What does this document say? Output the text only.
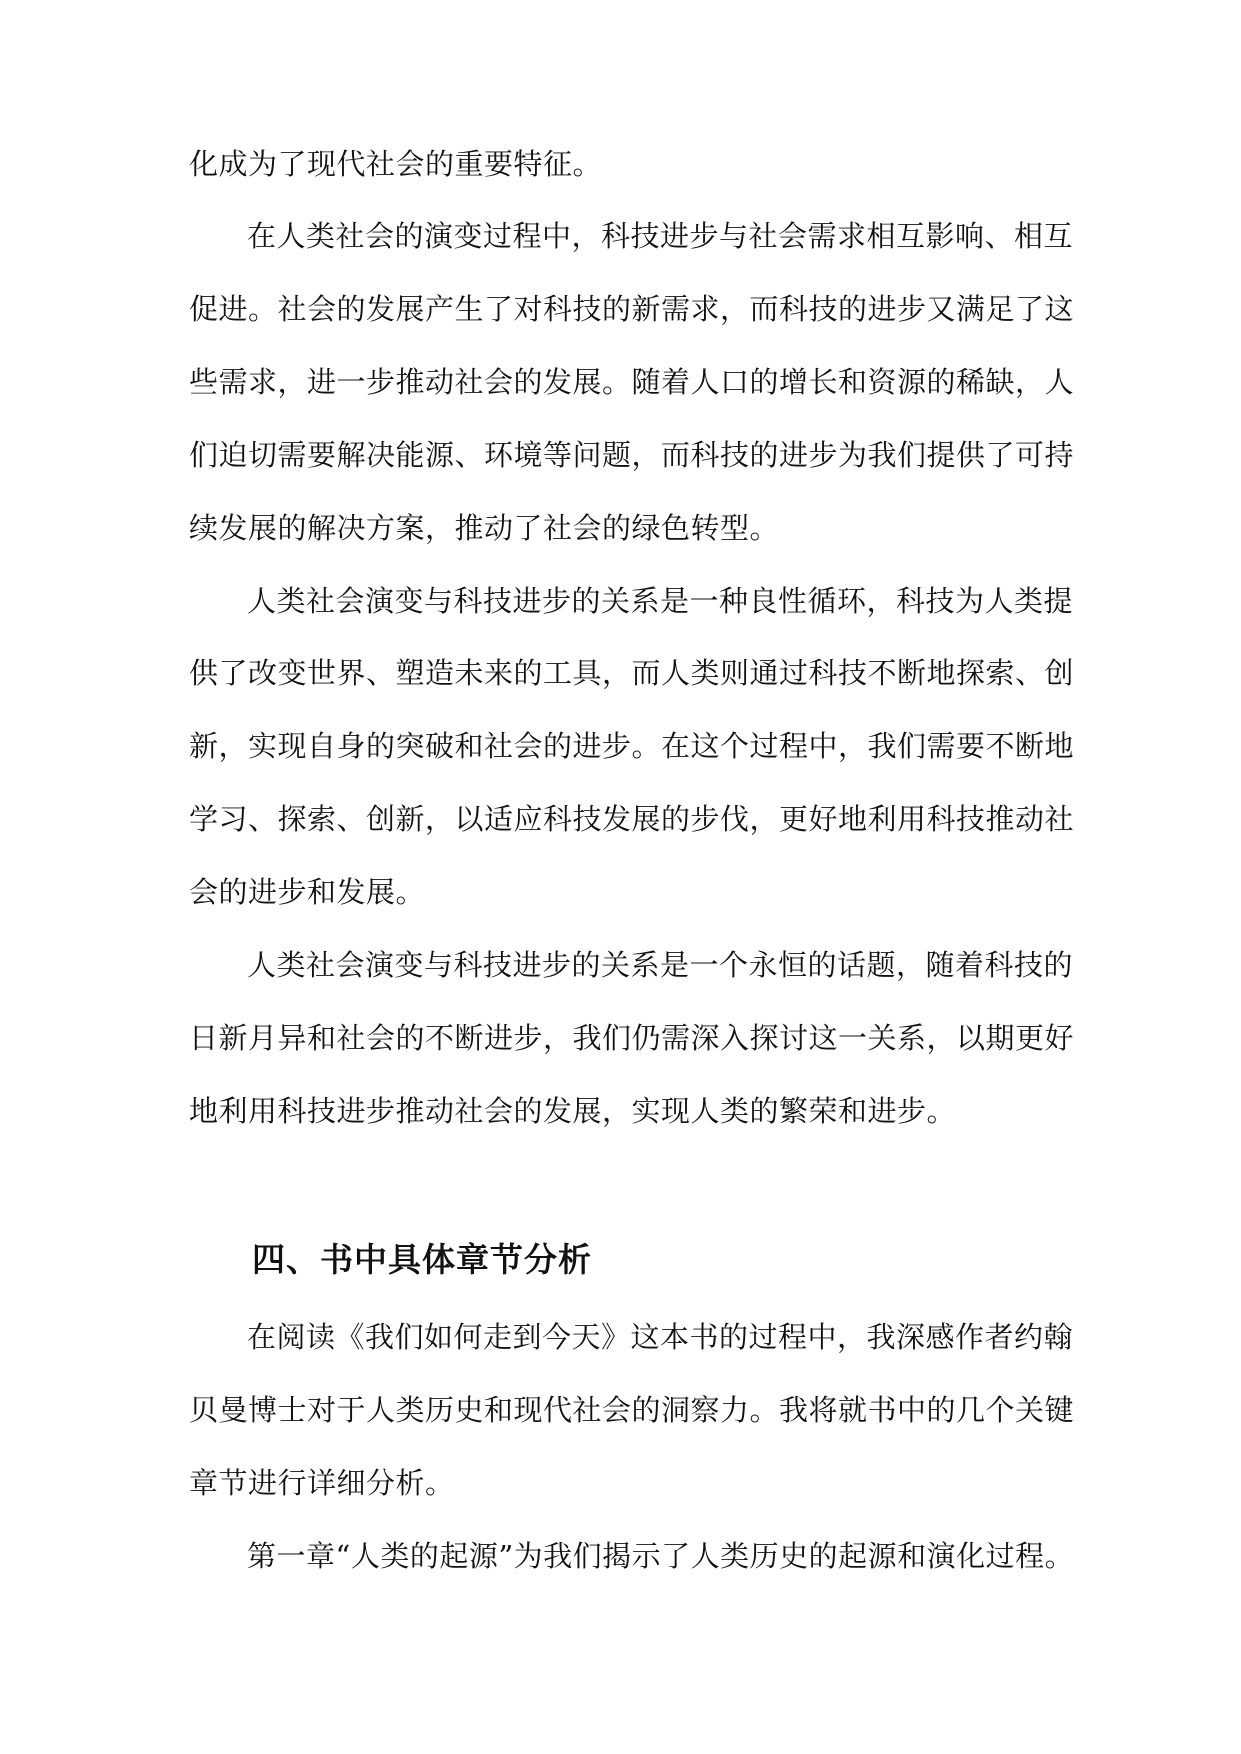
化成为了现代社会的重要特征。
在人类社会的演变过程中，科技进步与社会需求相互影响、相互
促进。社会的发展产生了对科技的新需求，而科技的进步又满足了这
些需求，进一步推动社会的发展。随着人口的增长和资源的稀缺，人
们迫切需要解决能源、环境等问题，而科技的进步为我们提供了可持
续发展的解决方案，推动了社会的绿色转型。
人类社会演变与科技进步的关系是一种良性循环，科技为人类提
供了改变世界、塑造未来的工具，而人类则通过科技不断地探索、创
新，实现自身的突破和社会的进步。在这个过程中，我们需要不断地
学习、探索、创新，以适应科技发展的步伐，更好地利用科技推动社
会的进步和发展。
人类社会演变与科技进步的关系是一个永恒的话题，随着科技的
日新月异和社会的不断进步，我们仍需深入探讨这一关系，以期更好
地利用科技进步推动社会的发展，实现人类的繁荣和进步。
四、书中具体章节分析
在阅读《我们如何走到今天》这本书的过程中，我深感作者约翰
贝曼博士对于人类历史和现代社会的洞察力。我将就书中的几个关键
章节进行详细分析。
第一章“人类的起源”为我们揭示了人类历史的起源和演化过程。
